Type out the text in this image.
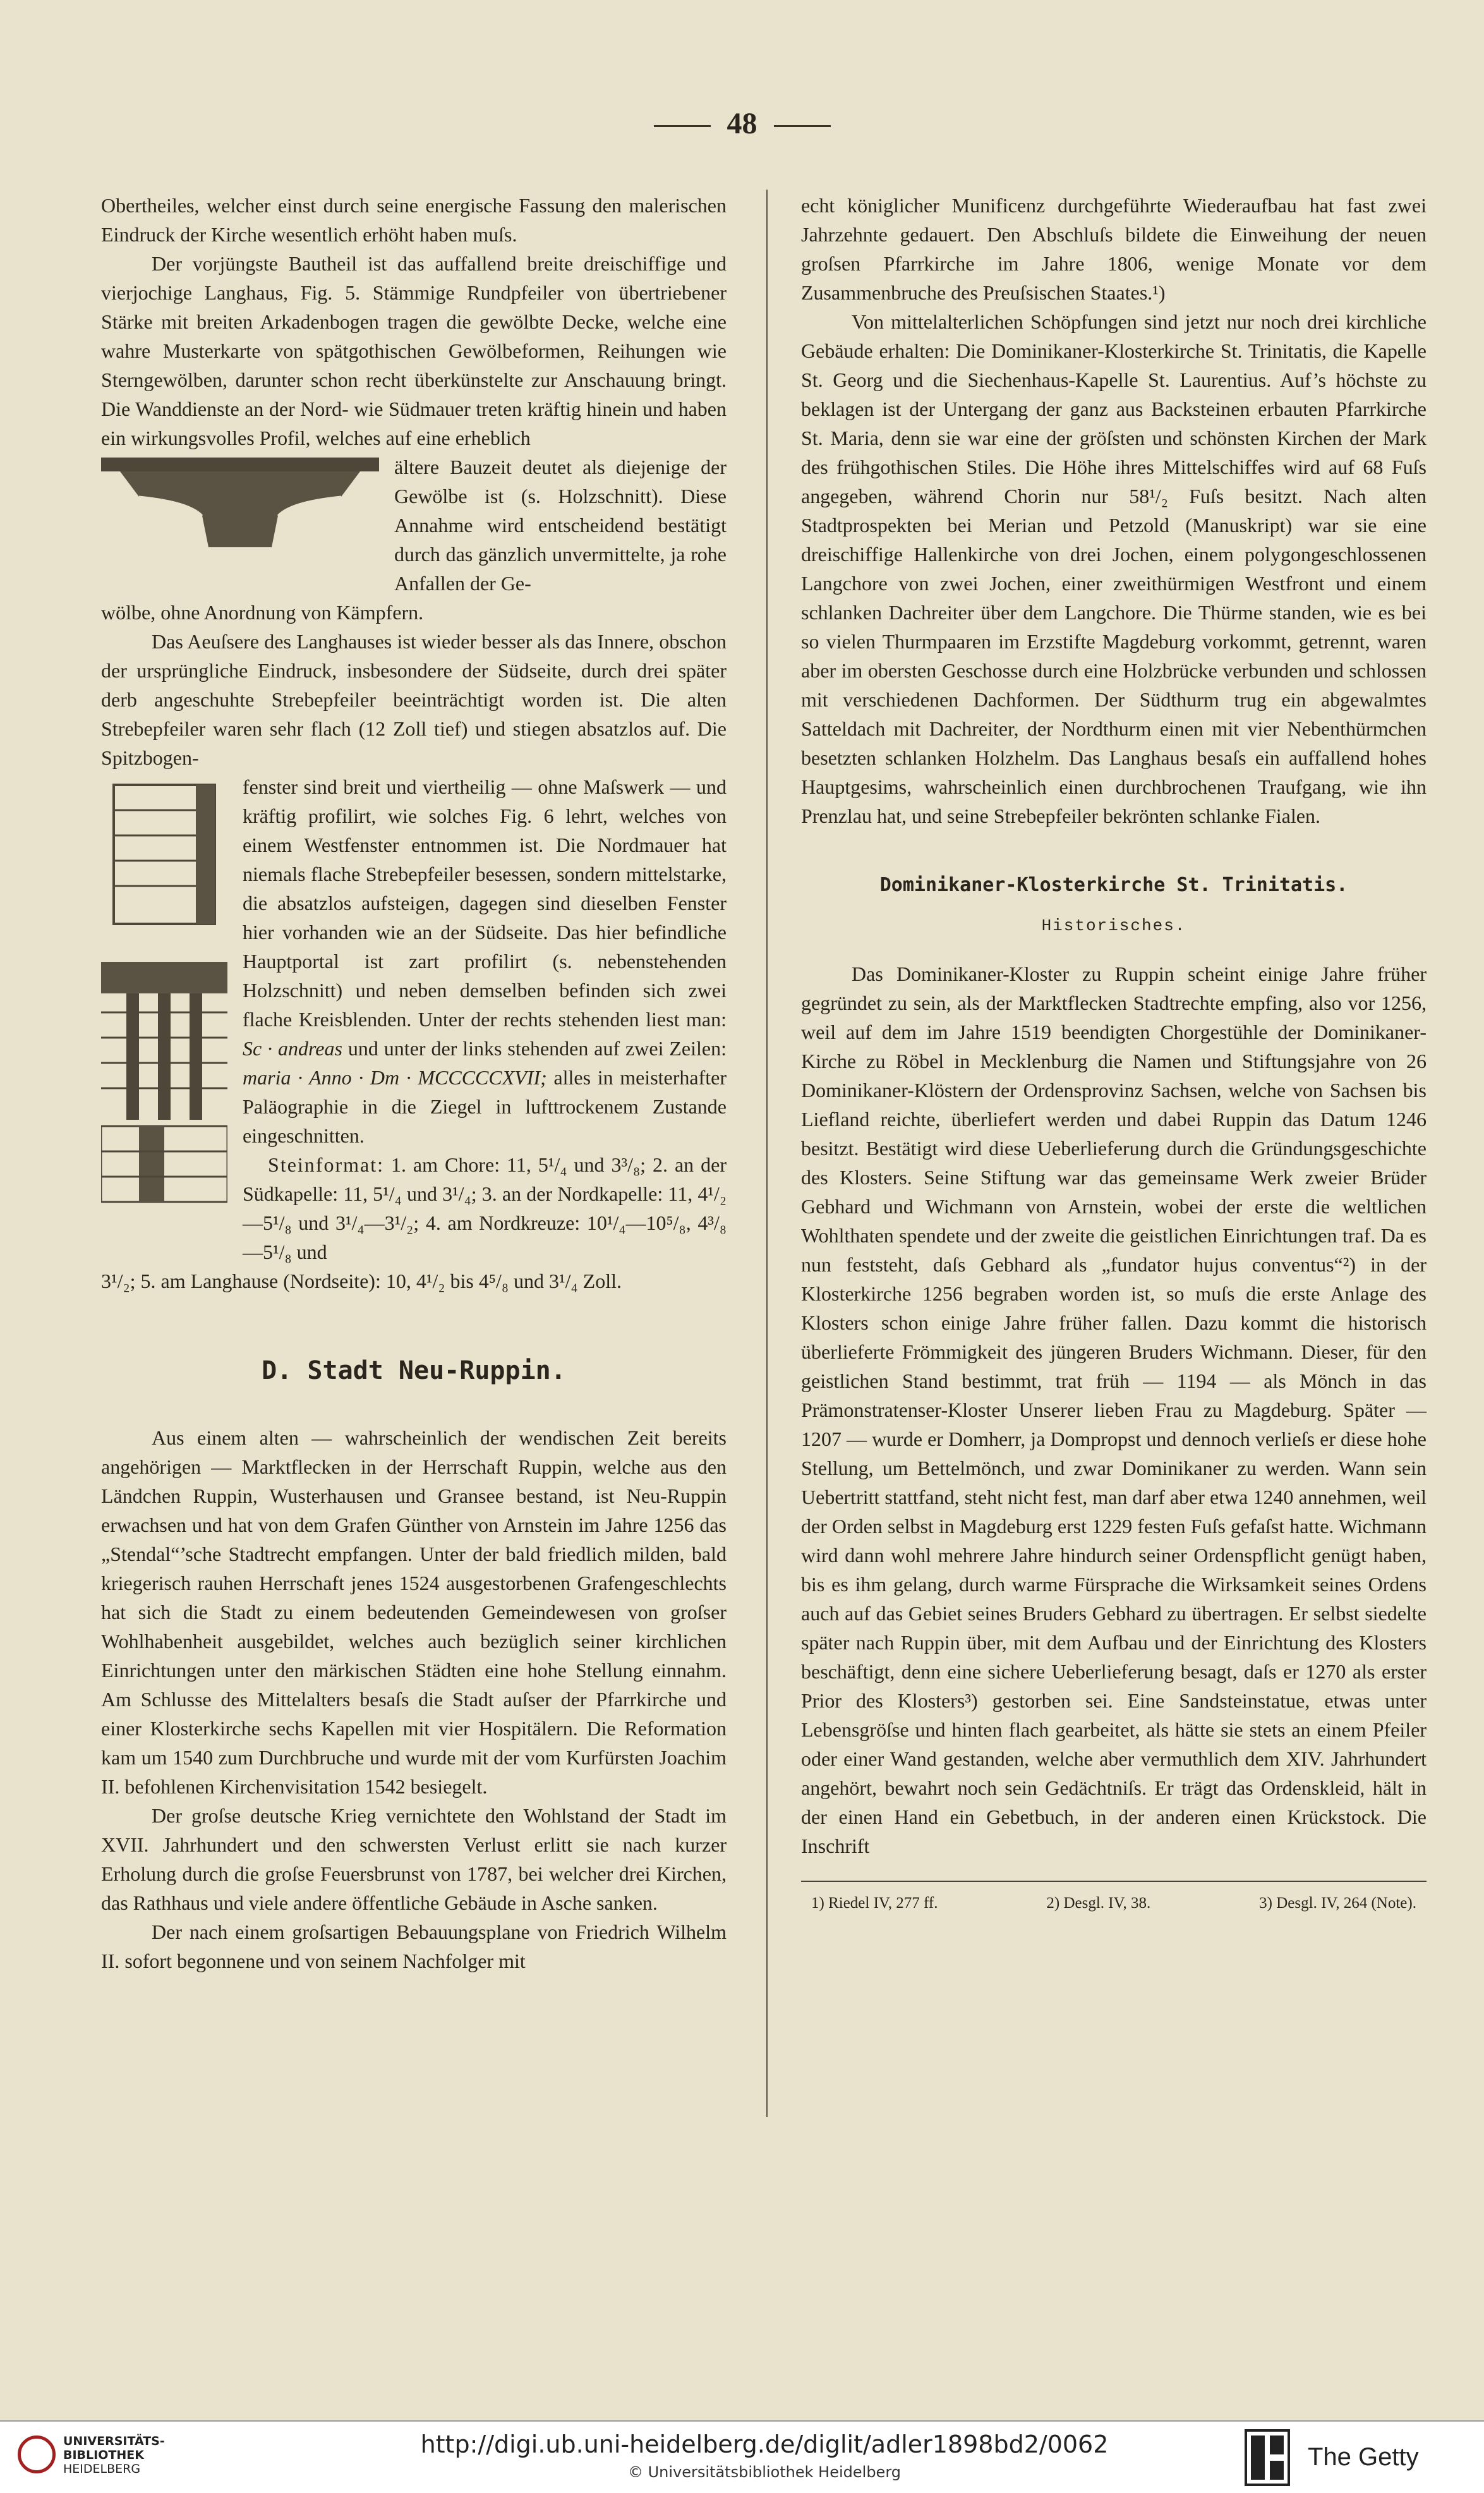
48

Obertheiles, welcher einst durch seine energische Fassung den malerischen Eindruck der Kirche wesentlich erhöht haben muſs.

Der vorjüngste Bautheil ist das auffallend breite dreischiffige und vierjochige Langhaus, Fig. 5. Stämmige Rundpfeiler von übertriebener Stärke mit breiten Arkadenbogen tragen die gewölbte Decke, welche eine wahre Musterkarte von spätgothischen Gewölbeformen, Reihungen wie Sterngewölben, darunter schon recht überkünstelte zur Anschauung bringt. Die Wanddienste an der Nord- wie Südmauer treten kräftig hinein und haben ein wirkungsvolles Profil, welches auf eine erheblich

ältere Bauzeit deutet als diejenige der Gewölbe ist (s. Holzschnitt). Diese Annahme wird entscheidend bestätigt durch das gänzlich unvermittelte, ja rohe Anfallen der Ge-

wölbe, ohne Anordnung von Kämpfern.

Das Aeuſsere des Langhauses ist wieder besser als das Innere, obschon der ursprüngliche Eindruck, insbesondere der Südseite, durch drei später derb angeschuhte Strebepfeiler beeinträchtigt worden ist. Die alten Strebepfeiler waren sehr flach (12 Zoll tief) und stiegen absatzlos auf. Die Spitzbogen-

fenster sind breit und viertheilig — ohne Maſswerk — und kräftig profilirt, wie solches Fig. 6 lehrt, welches von einem Westfenster entnommen ist. Die Nordmauer hat niemals flache Strebepfeiler besessen, sondern mittelstarke, die absatzlos aufsteigen, dagegen sind dieselben Fenster hier vorhanden wie an der Südseite. Das hier befindliche Hauptportal ist zart profilirt (s. nebenstehenden Holzschnitt) und neben demselben befinden sich zwei flache Kreisblenden. Unter der rechts stehenden liest man: Sc · andreas und unter der links stehenden auf zwei Zeilen: maria · Anno · Dm · MCCCCCXVII; alles in meisterhafter Paläographie in die Ziegel in lufttrockenem Zustande eingeschnitten.
Steinformat: 1. am Chore: 11, 5¹/₄ und 3³/₈; 2. an der Südkapelle: 11, 5¹/₄ und 3¹/₄; 3. an der Nordkapelle: 11, 4¹/₂—5¹/₈ und 3¹/₄—3¹/₂; 4. am Nordkreuze: 10¹/₄—10⁵/₈, 4³/₈—5¹/₈ und

3¹/₂; 5. am Langhause (Nordseite): 10, 4¹/₂ bis 4⁵/₈ und 3¹/₄ Zoll.

D. Stadt Neu-Ruppin.

Aus einem alten — wahrscheinlich der wendischen Zeit bereits angehörigen — Marktflecken in der Herrschaft Ruppin, welche aus den Ländchen Ruppin, Wusterhausen und Gransee bestand, ist Neu-Ruppin erwachsen und hat von dem Grafen Günther von Arnstein im Jahre 1256 das „Stendal“’sche Stadtrecht empfangen. Unter der bald friedlich milden, bald kriegerisch rauhen Herrschaft jenes 1524 ausgestorbenen Grafengeschlechts hat sich die Stadt zu einem bedeutenden Gemeindewesen von groſser Wohlhabenheit ausgebildet, welches auch bezüglich seiner kirchlichen Einrichtungen unter den märkischen Städten eine hohe Stellung einnahm. Am Schlusse des Mittelalters besaſs die Stadt auſser der Pfarrkirche und einer Klosterkirche sechs Kapellen mit vier Hospitälern. Die Reformation kam um 1540 zum Durchbruche und wurde mit der vom Kurfürsten Joachim II. befohlenen Kirchenvisitation 1542 besiegelt.

Der groſse deutsche Krieg vernichtete den Wohlstand der Stadt im XVII. Jahrhundert und den schwersten Verlust erlitt sie nach kurzer Erholung durch die groſse Feuersbrunst von 1787, bei welcher drei Kirchen, das Rathhaus und viele andere öffentliche Gebäude in Asche sanken.

Der nach einem groſsartigen Bebauungsplane von Friedrich Wilhelm II. sofort begonnene und von seinem Nachfolger mit

echt königlicher Munificenz durchgeführte Wiederaufbau hat fast zwei Jahrzehnte gedauert. Den Abschluſs bildete die Einweihung der neuen groſsen Pfarrkirche im Jahre 1806, wenige Monate vor dem Zusammenbruche des Preuſsischen Staates.¹)

Von mittelalterlichen Schöpfungen sind jetzt nur noch drei kirchliche Gebäude erhalten: Die Dominikaner-Klosterkirche St. Trinitatis, die Kapelle St. Georg und die Siechenhaus-Kapelle St. Laurentius. Auf’s höchste zu beklagen ist der Untergang der ganz aus Backsteinen erbauten Pfarrkirche St. Maria, denn sie war eine der gröſsten und schönsten Kirchen der Mark des frühgothischen Stiles. Die Höhe ihres Mittelschiffes wird auf 68 Fuſs angegeben, während Chorin nur 58¹/₂ Fuſs besitzt. Nach alten Stadtprospekten bei Merian und Petzold (Manuskript) war sie eine dreischiffige Hallenkirche von drei Jochen, einem polygongeschlossenen Langchore von zwei Jochen, einer zweithürmigen Westfront und einem schlanken Dachreiter über dem Langchore. Die Thürme standen, wie es bei so vielen Thurmpaaren im Erzstifte Magdeburg vorkommt, getrennt, waren aber im obersten Geschosse durch eine Holzbrücke verbunden und schlossen mit verschiedenen Dachformen. Der Südthurm trug ein abgewalmtes Satteldach mit Dachreiter, der Nordthurm einen mit vier Nebenthürmchen besetzten schlanken Holzhelm. Das Langhaus besaſs ein auffallend hohes Hauptgesims, wahrscheinlich einen durchbrochenen Traufgang, wie ihn Prenzlau hat, und seine Strebepfeiler bekrönten schlanke Fialen.

Dominikaner-Klosterkirche St. Trinitatis.
Historisches.

Das Dominikaner-Kloster zu Ruppin scheint einige Jahre früher gegründet zu sein, als der Marktflecken Stadtrechte empfing, also vor 1256, weil auf dem im Jahre 1519 beendigten Chorgestühle der Dominikaner-Kirche zu Röbel in Mecklenburg die Namen und Stiftungsjahre von 26 Dominikaner-Klöstern der Ordensprovinz Sachsen, welche von Sachsen bis Liefland reichte, überliefert werden und dabei Ruppin das Datum 1246 besitzt. Bestätigt wird diese Ueberlieferung durch die Gründungsgeschichte des Klosters. Seine Stiftung war das gemeinsame Werk zweier Brüder Gebhard und Wichmann von Arnstein, wobei der erste die weltlichen Wohlthaten spendete und der zweite die geistlichen Einrichtungen traf. Da es nun feststeht, daſs Gebhard als „fundator hujus conventus“²) in der Klosterkirche 1256 begraben worden ist, so muſs die erste Anlage des Klosters schon einige Jahre früher fallen. Dazu kommt die historisch überlieferte Frömmigkeit des jüngeren Bruders Wichmann. Dieser, für den geistlichen Stand bestimmt, trat früh — 1194 — als Mönch in das Prämonstratenser-Kloster Unserer lieben Frau zu Magdeburg. Später — 1207 — wurde er Domherr, ja Dompropst und dennoch verlieſs er diese hohe Stellung, um Bettelmönch, und zwar Dominikaner zu werden. Wann sein Uebertritt stattfand, steht nicht fest, man darf aber etwa 1240 annehmen, weil der Orden selbst in Magdeburg erst 1229 festen Fuſs gefaſst hatte. Wichmann wird dann wohl mehrere Jahre hindurch seiner Ordenspflicht genügt haben, bis es ihm gelang, durch warme Fürsprache die Wirksamkeit seines Ordens auch auf das Gebiet seines Bruders Gebhard zu übertragen. Er selbst siedelte später nach Ruppin über, mit dem Aufbau und der Einrichtung des Klosters beschäftigt, denn eine sichere Ueberlieferung besagt, daſs er 1270 als erster Prior des Klosters³) gestorben sei. Eine Sandsteinstatue, etwas unter Lebensgröſse und hinten flach gearbeitet, als hätte sie stets an einem Pfeiler oder einer Wand gestanden, welche aber vermuthlich dem XIV. Jahrhundert angehört, bewahrt noch sein Gedächtniſs. Er trägt das Ordenskleid, hält in der einen Hand ein Gebetbuch, in der anderen einen Krückstock. Die Inschrift

1) Riedel IV, 277 ff.	2) Desgl. IV, 38.	3) Desgl. IV, 264 (Note).
UNIVERSITÄTS-
BIBLIOTHEK
HEIDELBERG
http://digi.ub.uni-heidelberg.de/diglit/adler1898bd2/0062
© Universitätsbibliothek Heidelberg
The Getty
